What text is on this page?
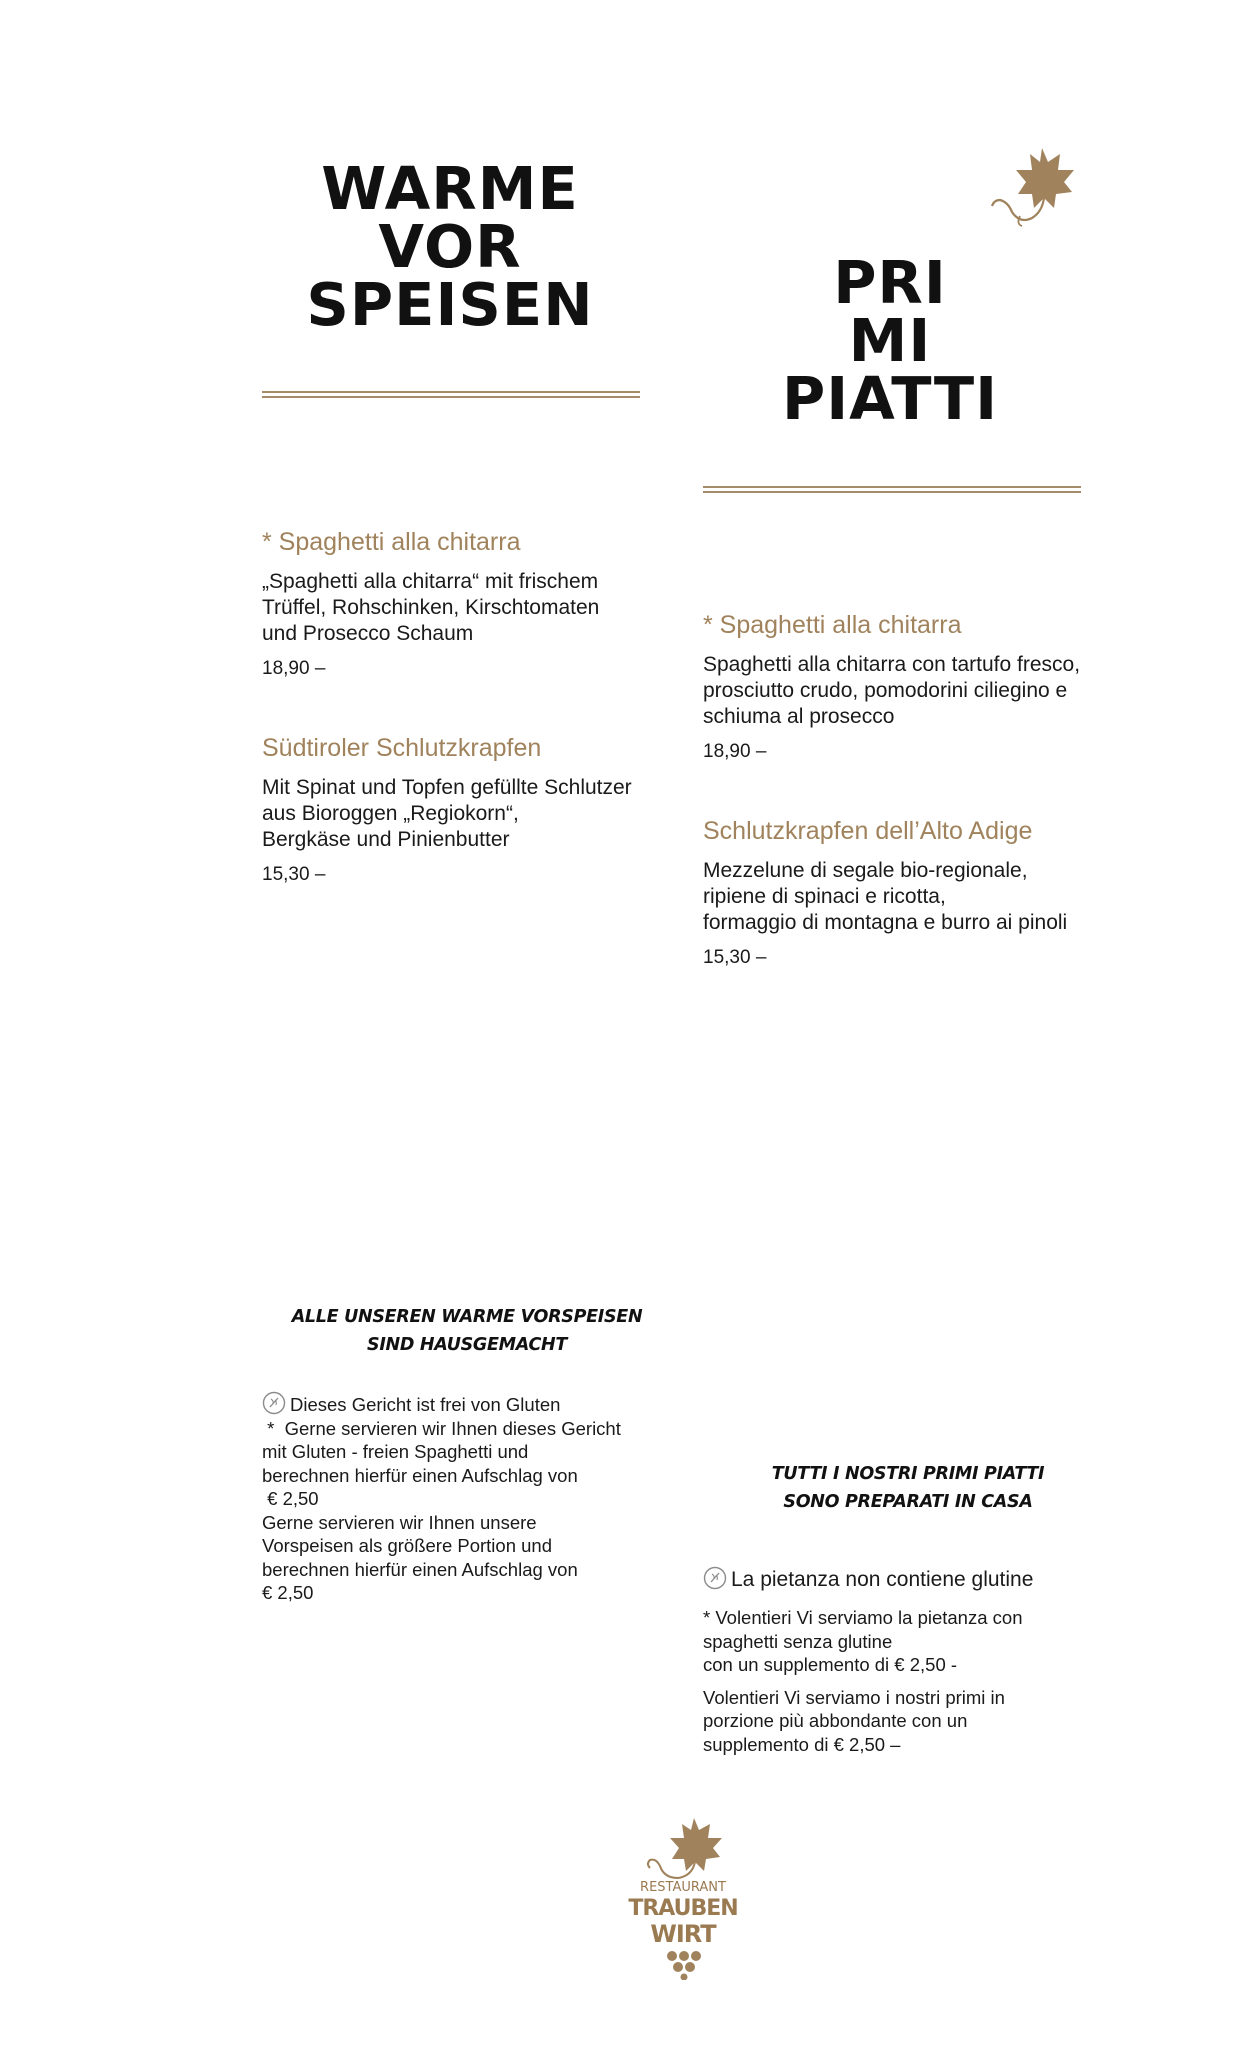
WARME
VOR
SPEISEN
* Spaghetti alla chitarra
„Spaghetti alla chitarra“ mit frischem
Trüffel, Rohschinken, Kirschtomaten
und Prosecco Schaum
18,90 –
Südtiroler Schlutzkrapfen
Mit Spinat und Topfen gefüllte Schlutzer
aus Bioroggen „Regiokorn“,
Bergkäse und Pinienbutter
15,30 –
ALLE UNSEREN WARME VORSPEISEN
SIND HAUSGEMACHT
Dieses Gericht ist frei von Gluten
*  Gerne servieren wir Ihnen dieses Gericht
mit Gluten - freien Spaghetti und
berechnen hierfür einen Aufschlag von
€ 2,50
Gerne servieren wir Ihnen unsere
Vorspeisen als größere Portion und
berechnen hierfür einen Aufschlag von
€ 2,50
PRI
MI
PIATTI
* Spaghetti alla chitarra
Spaghetti alla chitarra con tartufo fresco,
prosciutto crudo, pomodorini ciliegino e
schiuma al prosecco
18,90 –
Schlutzkrapfen dell’Alto Adige
Mezzelune di segale bio-regionale,
ripiene di spinaci e ricotta,
formaggio di montagna e burro ai pinoli
15,30 –
TUTTI I NOSTRI PRIMI PIATTI
SONO PREPARATI IN CASA
La pietanza non contiene glutine
* Volentieri Vi serviamo la pietanza con
spaghetti senza glutine
con un supplemento di € 2,50 -
Volentieri Vi serviamo i nostri primi in
porzione più abbondante con un
supplemento di € 2,50 –
RESTAURANT
TRAUBEN
WIRT
